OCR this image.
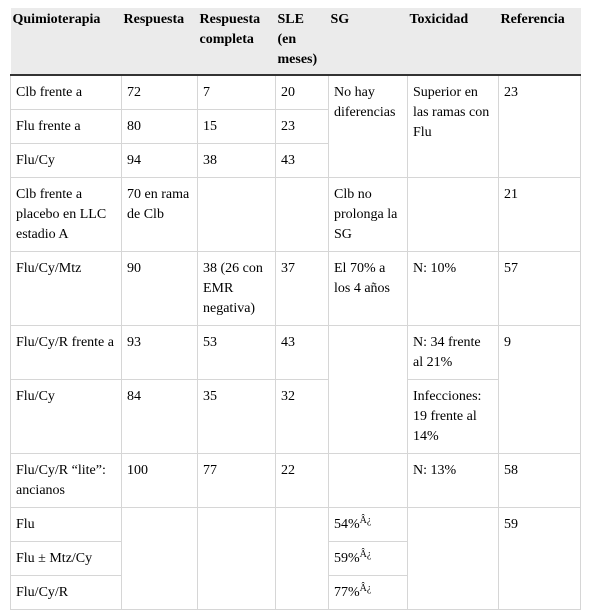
Quimioterapia	Respuesta	Respuesta completa	SLE (en meses)	SG	Toxicidad	Referencia
Clb frente a	72	7	20	No hay diferencias	Superior en las ramas con Flu	23
Flu frente a	80	15	23			
Flu/Cy	94	38	43			
Clb frente a placebo en LLC estadio A	70 en rama de Clb			Clb no prolonga la SG		21
Flu/Cy/Mtz	90	38 (26 con EMR negativa)	37	El 70% a los 4 años	N: 10%	57
Flu/Cy/R frente a	93	53	43		N: 34 frente al 21%	9
Flu/Cy	84	35	32		Infecciones: 19 frente al 14%	
Flu/Cy/R “lite”: ancianos	100	77	22		N: 13%	58
Flu				54%$^{Â¿}$		59
Flu ± Mtz/Cy				59%$^{Â¿}$
Flu/Cy/R				77%$^{Â¿}$
